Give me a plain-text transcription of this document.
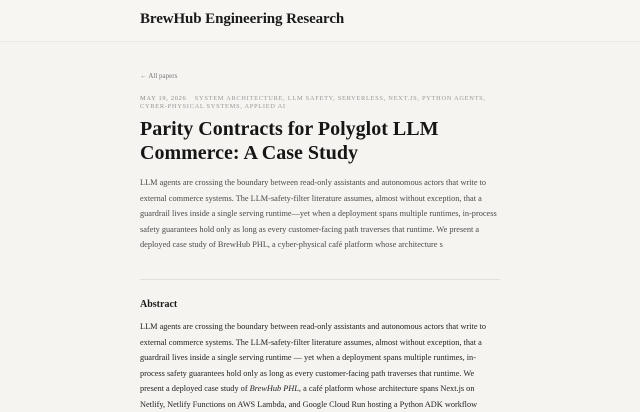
BrewHub Engineering Research
← All papers
MAY 19, 2026 SYSTEM ARCHITECTURE, LLM SAFETY, SERVERLESS, NEXT.JS, PYTHON AGENTS, CYBER-PHYSICAL SYSTEMS, APPLIED AI
Parity Contracts for Polyglot LLM Commerce: A Case Study

LLM agents are crossing the boundary between read-only assistants and autonomous actors that write to external commerce systems. The LLM-safety-filter literature assumes, almost without exception, that a guardrail lives inside a single serving runtime—yet when a deployment spans multiple runtimes, in-process safety guarantees hold only as long as every customer-facing path traverses that runtime. We present a deployed case study of BrewHub PHL, a cyber-physical café platform whose architecture s

Abstract

LLM agents are crossing the boundary between read-only assistants and autonomous actors that write to external commerce systems. The LLM-safety-filter literature assumes, almost without exception, that a guardrail lives inside a single serving runtime — yet when a deployment spans multiple runtimes, in-process safety guarantees hold only as long as every customer-facing path traverses that runtime. We present a deployed case study of BrewHub PHL, a café platform whose architecture spans Next.js on Netlify, Netlify Functions on AWS Lambda, and Google Cloud Run hosting a Python ADK workflow
